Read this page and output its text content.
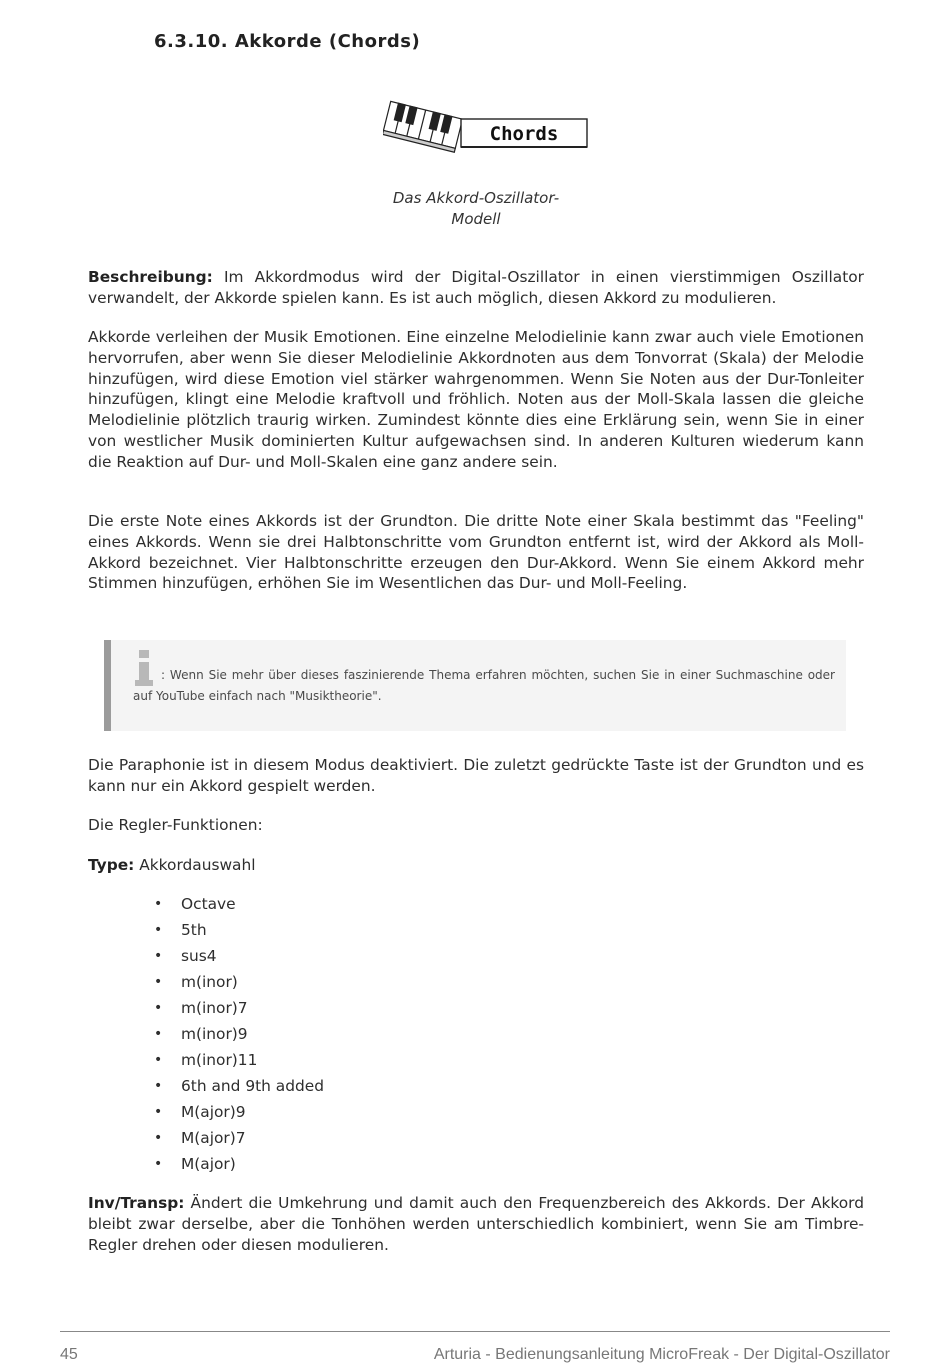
6.3.10. Akkorde (Chords)
Chords
Das Akkord-Oszillator-
Modell

Beschreibung: Im Akkordmodus wird der Digital-Oszillator in einen vierstimmigen Oszillator verwandelt, der Akkorde spielen kann. Es ist auch möglich, diesen Akkord zu modulieren.

Akkorde verleihen der Musik Emotionen. Eine einzelne Melodielinie kann zwar auch viele Emotionen hervorrufen, aber wenn Sie dieser Melodielinie Akkordnoten aus dem Tonvorrat (Skala) der Melodie hinzufügen, wird diese Emotion viel stärker wahrgenommen. Wenn Sie Noten aus der Dur-Tonleiter hinzufügen, klingt eine Melodie kraftvoll und fröhlich. Noten aus der Moll-Skala lassen die gleiche Melodielinie plötzlich traurig wirken. Zumindest könnte dies eine Erklärung sein, wenn Sie in einer von westlicher Musik dominierten Kultur aufgewachsen sind. In anderen Kulturen wiederum kann die Reaktion auf Dur- und Moll-Skalen eine ganz andere sein.

Die erste Note eines Akkords ist der Grundton. Die dritte Note einer Skala bestimmt das "Feeling" eines Akkords. Wenn sie drei Halbtonschritte vom Grundton entfernt ist, wird der Akkord als Moll-Akkord bezeichnet. Vier Halbtonschritte erzeugen den Dur-Akkord. Wenn Sie einem Akkord mehr Stimmen hinzufügen, erhöhen Sie im Wesentlichen das Dur- und Moll-Feeling.

: Wenn Sie mehr über dieses faszinierende Thema erfahren möchten, suchen Sie in einer Suchmaschine oder auf YouTube einfach nach "Musiktheorie".

Die Paraphonie ist in diesem Modus deaktiviert. Die zuletzt gedrückte Taste ist der Grundton und es kann nur ein Akkord gespielt werden.

Die Regler-Funktionen:

Type: Akkordauswahl

• Octave
• 5th
• sus4
• m(inor)
• m(inor)7
• m(inor)9
• m(inor)11
• 6th and 9th added
• M(ajor)9
• M(ajor)7
• M(ajor)

Inv/Transp: Ändert die Umkehrung und damit auch den Frequenzbereich des Akkords. Der Akkord bleibt zwar derselbe, aber die Tonhöhen werden unterschiedlich kombiniert, wenn Sie am Timbre-Regler drehen oder diesen modulieren.

45	Arturia - Bedienungsanleitung MicroFreak - Der Digital-Oszillator
